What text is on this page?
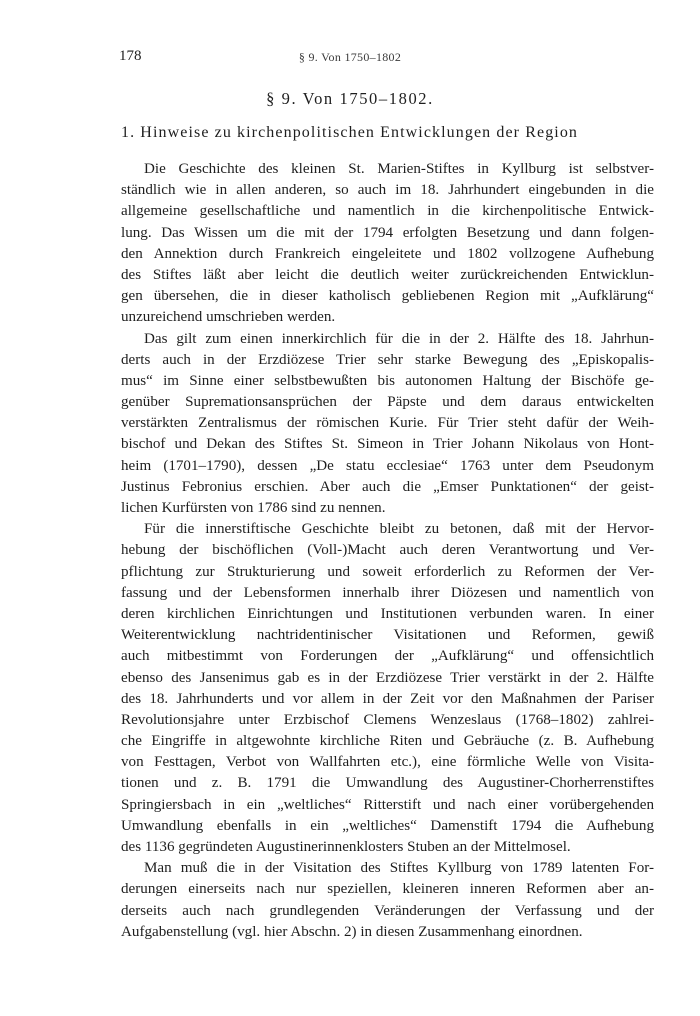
178	§ 9. Von 1750–1802
§ 9. Von 1750–1802.
1. Hinweise zu kirchenpolitischen Entwicklungen der Region
Die Geschichte des kleinen St. Marien-Stiftes in Kyllburg ist selbstver-
ständlich wie in allen anderen, so auch im 18. Jahrhundert eingebunden in die
allgemeine gesellschaftliche und namentlich in die kirchenpolitische Entwick-
lung. Das Wissen um die mit der 1794 erfolgten Besetzung und dann folgen-
den Annektion durch Frankreich eingeleitete und 1802 vollzogene Aufhebung
des Stiftes läßt aber leicht die deutlich weiter zurückreichenden Entwicklun-
gen übersehen, die in dieser katholisch gebliebenen Region mit „Aufklärung“
unzureichend umschrieben werden.
Das gilt zum einen innerkirchlich für die in der 2. Hälfte des 18. Jahrhun-
derts auch in der Erzdiözese Trier sehr starke Bewegung des „Episkopalis-
mus“ im Sinne einer selbstbewußten bis autonomen Haltung der Bischöfe ge-
genüber Supremationsansprüchen der Päpste und dem daraus entwickelten
verstärkten Zentralismus der römischen Kurie. Für Trier steht dafür der Weih-
bischof und Dekan des Stiftes St. Simeon in Trier Johann Nikolaus von Hont-
heim (1701–1790), dessen „De statu ecclesiae“ 1763 unter dem Pseudonym
Justinus Febronius erschien. Aber auch die „Emser Punktationen“ der geist-
lichen Kurfürsten von 1786 sind zu nennen.
Für die innerstiftische Geschichte bleibt zu betonen, daß mit der Hervor-
hebung der bischöflichen (Voll-)Macht auch deren Verantwortung und Ver-
pflichtung zur Strukturierung und soweit erforderlich zu Reformen der Ver-
fassung und der Lebensformen innerhalb ihrer Diözesen und namentlich von
deren kirchlichen Einrichtungen und Institutionen verbunden waren. In einer
Weiterentwicklung nachtridentinischer Visitationen und Reformen, gewiß
auch mitbestimmt von Forderungen der „Aufklärung“ und offensichtlich
ebenso des Jansenimus gab es in der Erzdiözese Trier verstärkt in der 2. Hälfte
des 18. Jahrhunderts und vor allem in der Zeit vor den Maßnahmen der Pariser
Revolutionsjahre unter Erzbischof Clemens Wenzeslaus (1768–1802) zahlrei-
che Eingriffe in altgewohnte kirchliche Riten und Gebräuche (z. B. Aufhebung
von Festtagen, Verbot von Wallfahrten etc.), eine förmliche Welle von Visita-
tionen und z. B. 1791 die Umwandlung des Augustiner-Chorherrenstiftes
Springiersbach in ein „weltliches“ Ritterstift und nach einer vorübergehenden
Umwandlung ebenfalls in ein „weltliches“ Damenstift 1794 die Aufhebung
des 1136 gegründeten Augustinerinnenklosters Stuben an der Mittelmosel.
Man muß die in der Visitation des Stiftes Kyllburg von 1789 latenten For-
derungen einerseits nach nur speziellen, kleineren inneren Reformen aber an-
derseits auch nach grundlegenden Veränderungen der Verfassung und der
Aufgabenstellung (vgl. hier Abschn. 2) in diesen Zusammenhang einordnen.
